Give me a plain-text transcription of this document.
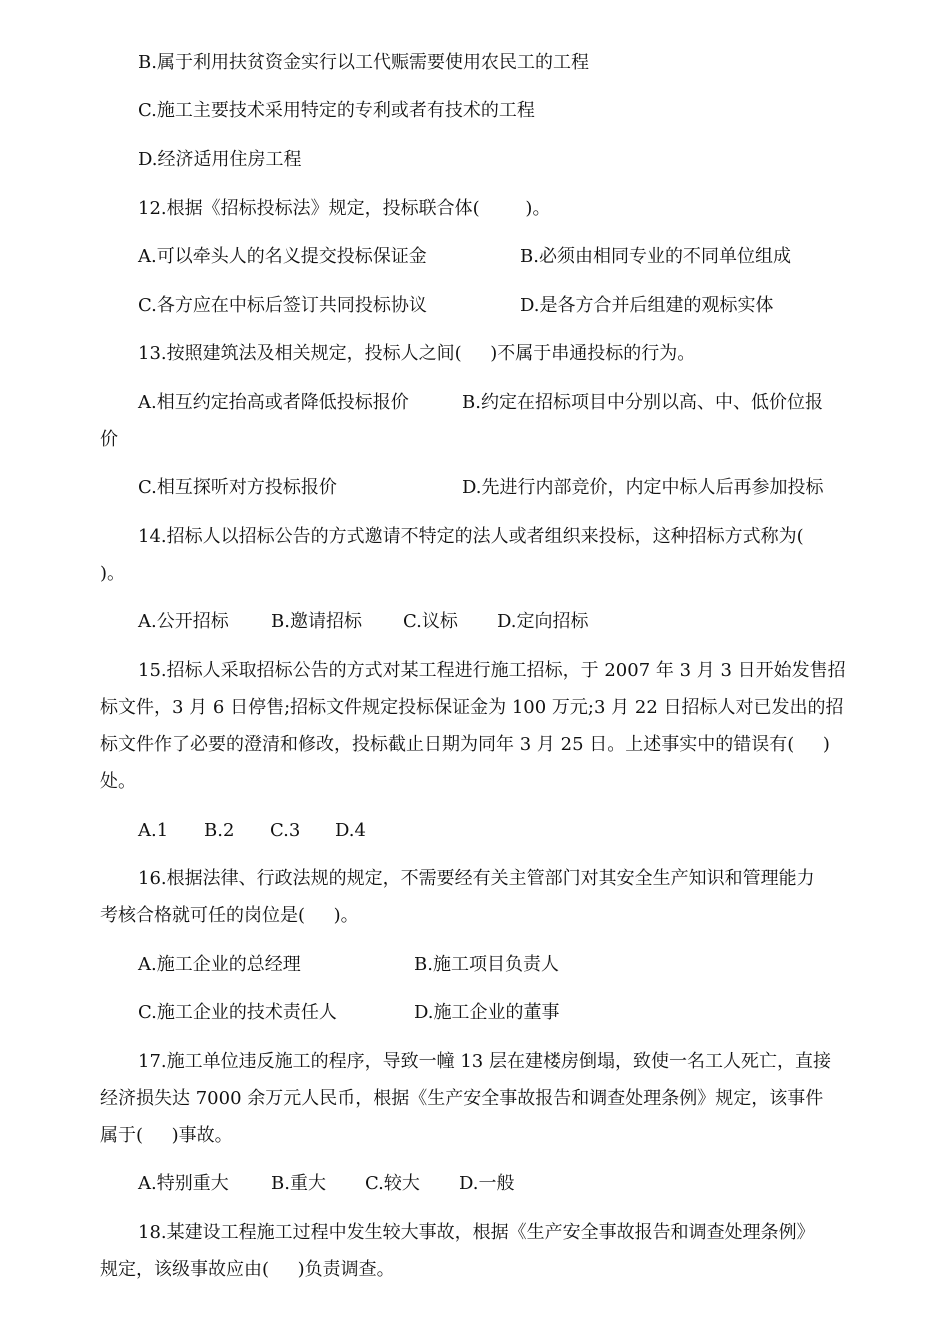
B.属于利用扶贫资金实行以工代赈需要使用农民工的工程
C.施工主要技术采用特定的专利或者有技术的工程
D.经济适用住房工程
12.根据《招标投标法》规定，投标联合体(        )。
A.可以牵头人的名义提交投标保证金	B.必须由相同专业的不同单位组成
C.各方应在中标后签订共同投标协议	D.是各方合并后组建的观标实体
13.按照建筑法及相关规定，投标人之间(     )不属于串通投标的行为。
A.相互约定抬高或者降低投标报价	B.约定在招标项目中分别以高、中、低价位报
价
C.相互探听对方投标报价	D.先进行内部竞价，内定中标人后再参加投标
14.招标人以招标公告的方式邀请不特定的法人或者组织来投标，这种招标方式称为(
)。
A.公开招标 B.邀请招标 C.议标 D.定向招标
15.招标人采取招标公告的方式对某工程进行施工招标，于 2007 年 3 月 3 日开始发售招
标文件，3 月 6 日停售;招标文件规定投标保证金为 100 万元;3 月 22 日招标人对已发出的招
标文件作了必要的澄清和修改，投标截止日期为同年 3 月 25 日。上述事实中的错误有(     )
处。
A.1 B.2 C.3 D.4
16.根据法律、行政法规的规定，不需要经有关主管部门对其安全生产知识和管理能力
考核合格就可任的岗位是(     )。
A.施工企业的总经理	B.施工项目负责人
C.施工企业的技术责任人	D.施工企业的董事
17.施工单位违反施工的程序，导致一幢 13 层在建楼房倒塌，致使一名工人死亡，直接
经济损失达 7000 余万元人民币，根据《生产安全事故报告和调查处理条例》规定，该事件
属于(     )事故。
A.特别重大 B.重大 C.较大 D.一般
18.某建设工程施工过程中发生较大事故，根据《生产安全事故报告和调查处理条例》
规定，该级事故应由(     )负责调查。
